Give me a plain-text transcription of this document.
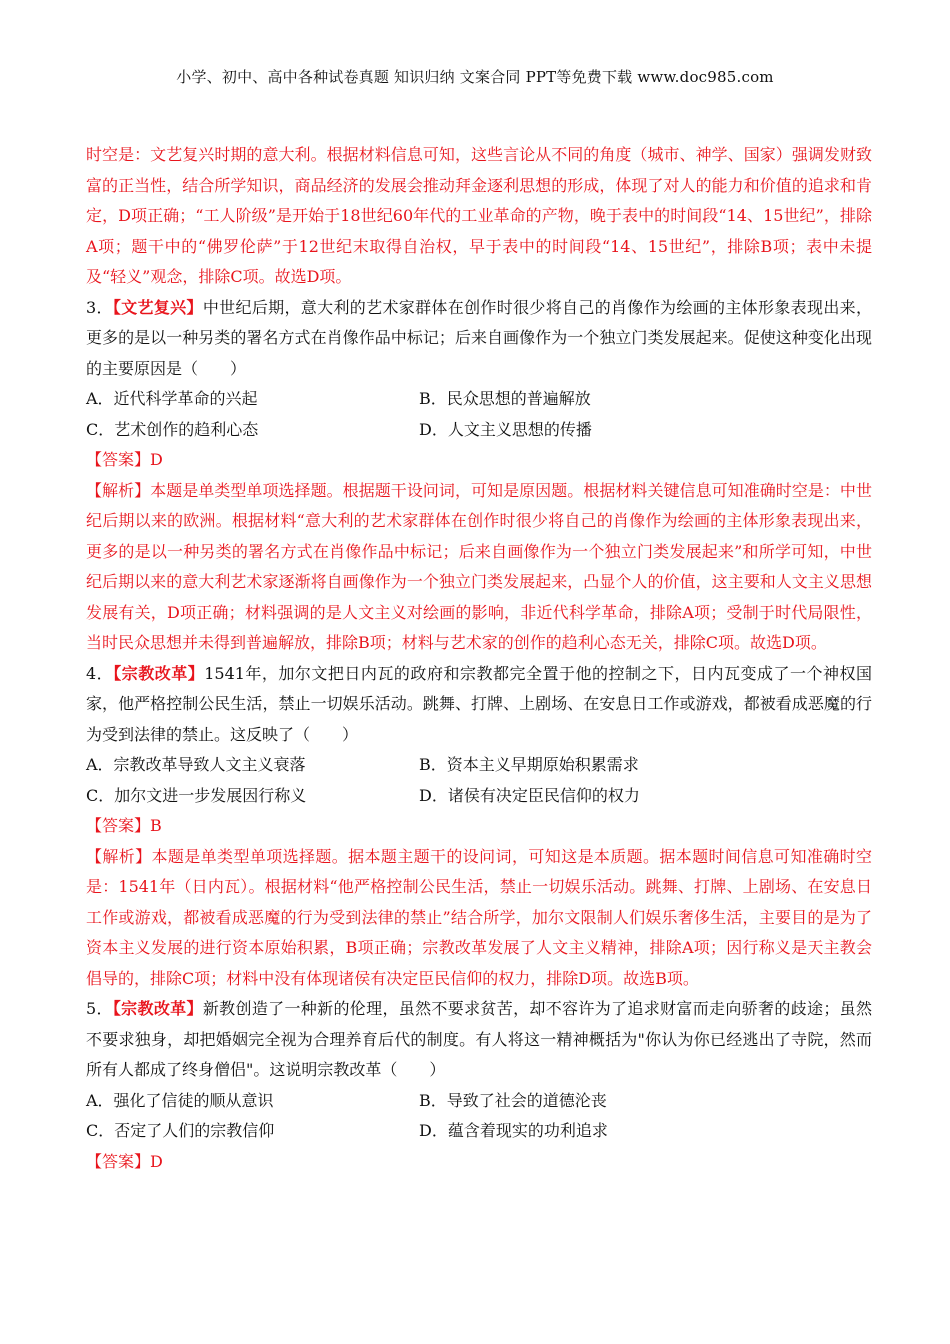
小学、初中、高中各种试卷真题 知识归纳 文案合同 PPT等免费下载 www.doc985.com

时空是：文艺复兴时期的意大利。根据材料信息可知，这些言论从不同的角度（城市、神学、国家）强调发财致富的正当性，结合所学知识，商品经济的发展会推动拜金逐利思想的形成，体现了对人的能力和价值的追求和肯定，D项正确；“工人阶级”是开始于18世纪60年代的工业革命的产物，晚于表中的时间段“14、15世纪”，排除A项；题干中的“佛罗伦萨”于12世纪末取得自治权，早于表中的时间段“14、15世纪”，排除B项；表中未提及“轻义”观念，排除C项。故选D项。

3．【文艺复兴】中世纪后期，意大利的艺术家群体在创作时很少将自己的肖像作为绘画的主体形象表现出来，更多的是以一种另类的署名方式在肖像作品中标记；后来自画像作为一个独立门类发展起来。促使这种变化出现的主要原因是（　　）

A．近代科学革命的兴起	B．民众思想的普遍解放
C．艺术创作的趋利心态	D．人文主义思想的传播

【答案】D

【解析】本题是单类型单项选择题。根据题干设问词，可知是原因题。根据材料关键信息可知准确时空是：中世纪后期以来的欧洲。根据材料“意大利的艺术家群体在创作时很少将自己的肖像作为绘画的主体形象表现出来，更多的是以一种另类的署名方式在肖像作品中标记；后来自画像作为一个独立门类发展起来”和所学可知，中世纪后期以来的意大利艺术家逐渐将自画像作为一个独立门类发展起来，凸显个人的价值，这主要和人文主义思想发展有关，D项正确；材料强调的是人文主义对绘画的影响，非近代科学革命，排除A项；受制于时代局限性，当时民众思想并未得到普遍解放，排除B项；材料与艺术家的创作的趋利心态无关，排除C项。故选D项。

4．【宗教改革】1541年，加尔文把日内瓦的政府和宗教都完全置于他的控制之下，日内瓦变成了一个神权国家，他严格控制公民生活，禁止一切娱乐活动。跳舞、打牌、上剧场、在安息日工作或游戏，都被看成恶魔的行为受到法律的禁止。这反映了（　　）

A．宗教改革导致人文主义衰落	B．资本主义早期原始积累需求
C．加尔文进一步发展因行称义	D．诸侯有决定臣民信仰的权力

【答案】B

【解析】本题是单类型单项选择题。据本题主题干的设问词，可知这是本质题。据本题时间信息可知准确时空是：1541年（日内瓦）。根据材料“他严格控制公民生活，禁止一切娱乐活动。跳舞、打牌、上剧场、在安息日工作或游戏，都被看成恶魔的行为受到法律的禁止”结合所学，加尔文限制人们娱乐奢侈生活，主要目的是为了资本主义发展的进行资本原始积累，B项正确；宗教改革发展了人文主义精神，排除A项；因行称义是天主教会倡导的，排除C项；材料中没有体现诸侯有决定臣民信仰的权力，排除D项。故选B项。

5．【宗教改革】新教创造了一种新的伦理，虽然不要求贫苦，却不容许为了追求财富而走向骄奢的歧途；虽然不要求独身，却把婚姻完全视为合理养育后代的制度。有人将这一精神概括为"你认为你已经逃出了寺院，然而所有人都成了终身僧侣"。这说明宗教改革（　　）

A．强化了信徒的顺从意识	B．导致了社会的道德沦丧
C．否定了人们的宗教信仰	D．蕴含着现实的功利追求

【答案】D
